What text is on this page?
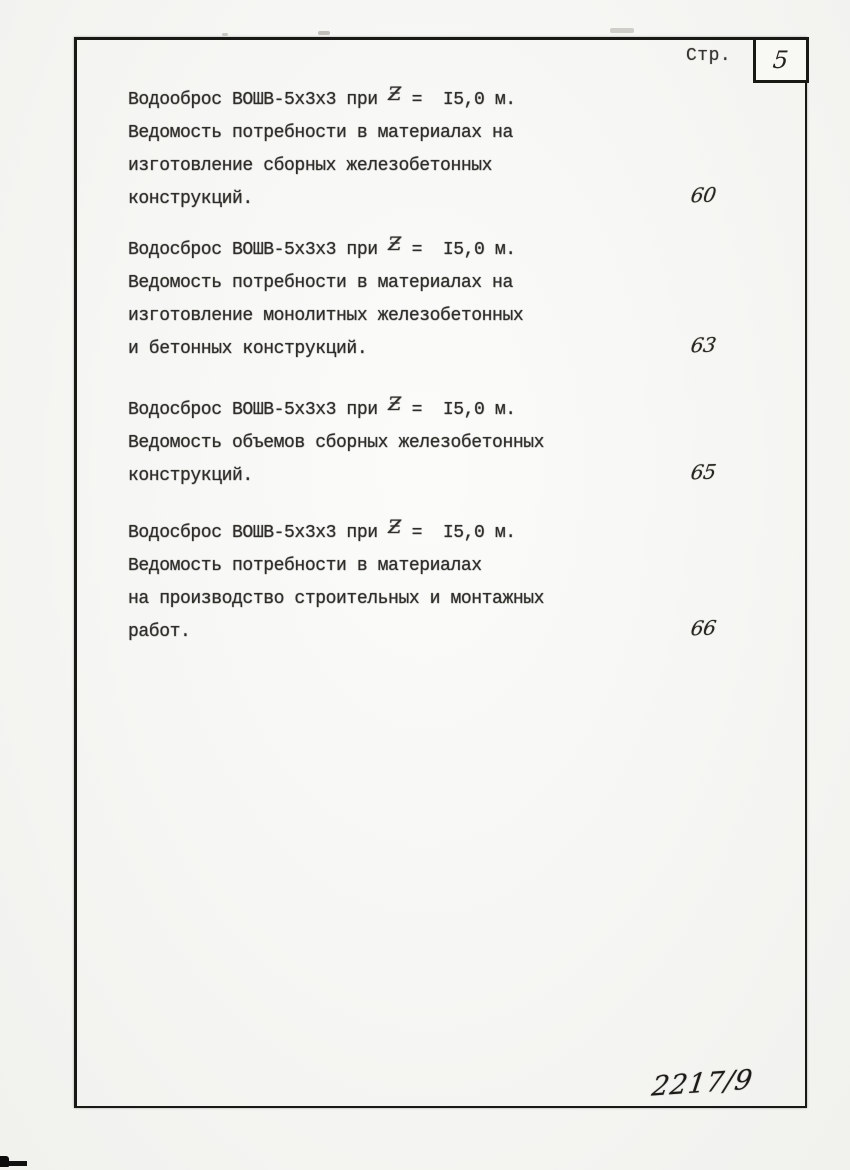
Стр. 5
Водооброс ВОШВ-5х3х3 при Ƶ =  I5,0 м.
Ведомость потребности в материалах на
изготовление сборных железобетонных
конструкций.	60
Водосброс ВОШВ-5х3х3 при Ƶ =  I5,0 м.
Ведомость потребности в материалах на
изготовление монолитных железобетонных
и бетонных конструкций.	63
Водосброс ВОШВ-5х3х3 при Ƶ =  I5,0 м.
Ведомость объемов сборных железобетонных
конструкций.	65
Водосброс ВОШВ-5х3х3 при Ƶ =  I5,0 м.
Ведомость потребности в материалах
на производство строительных и монтажных
работ.	66
2217/9
